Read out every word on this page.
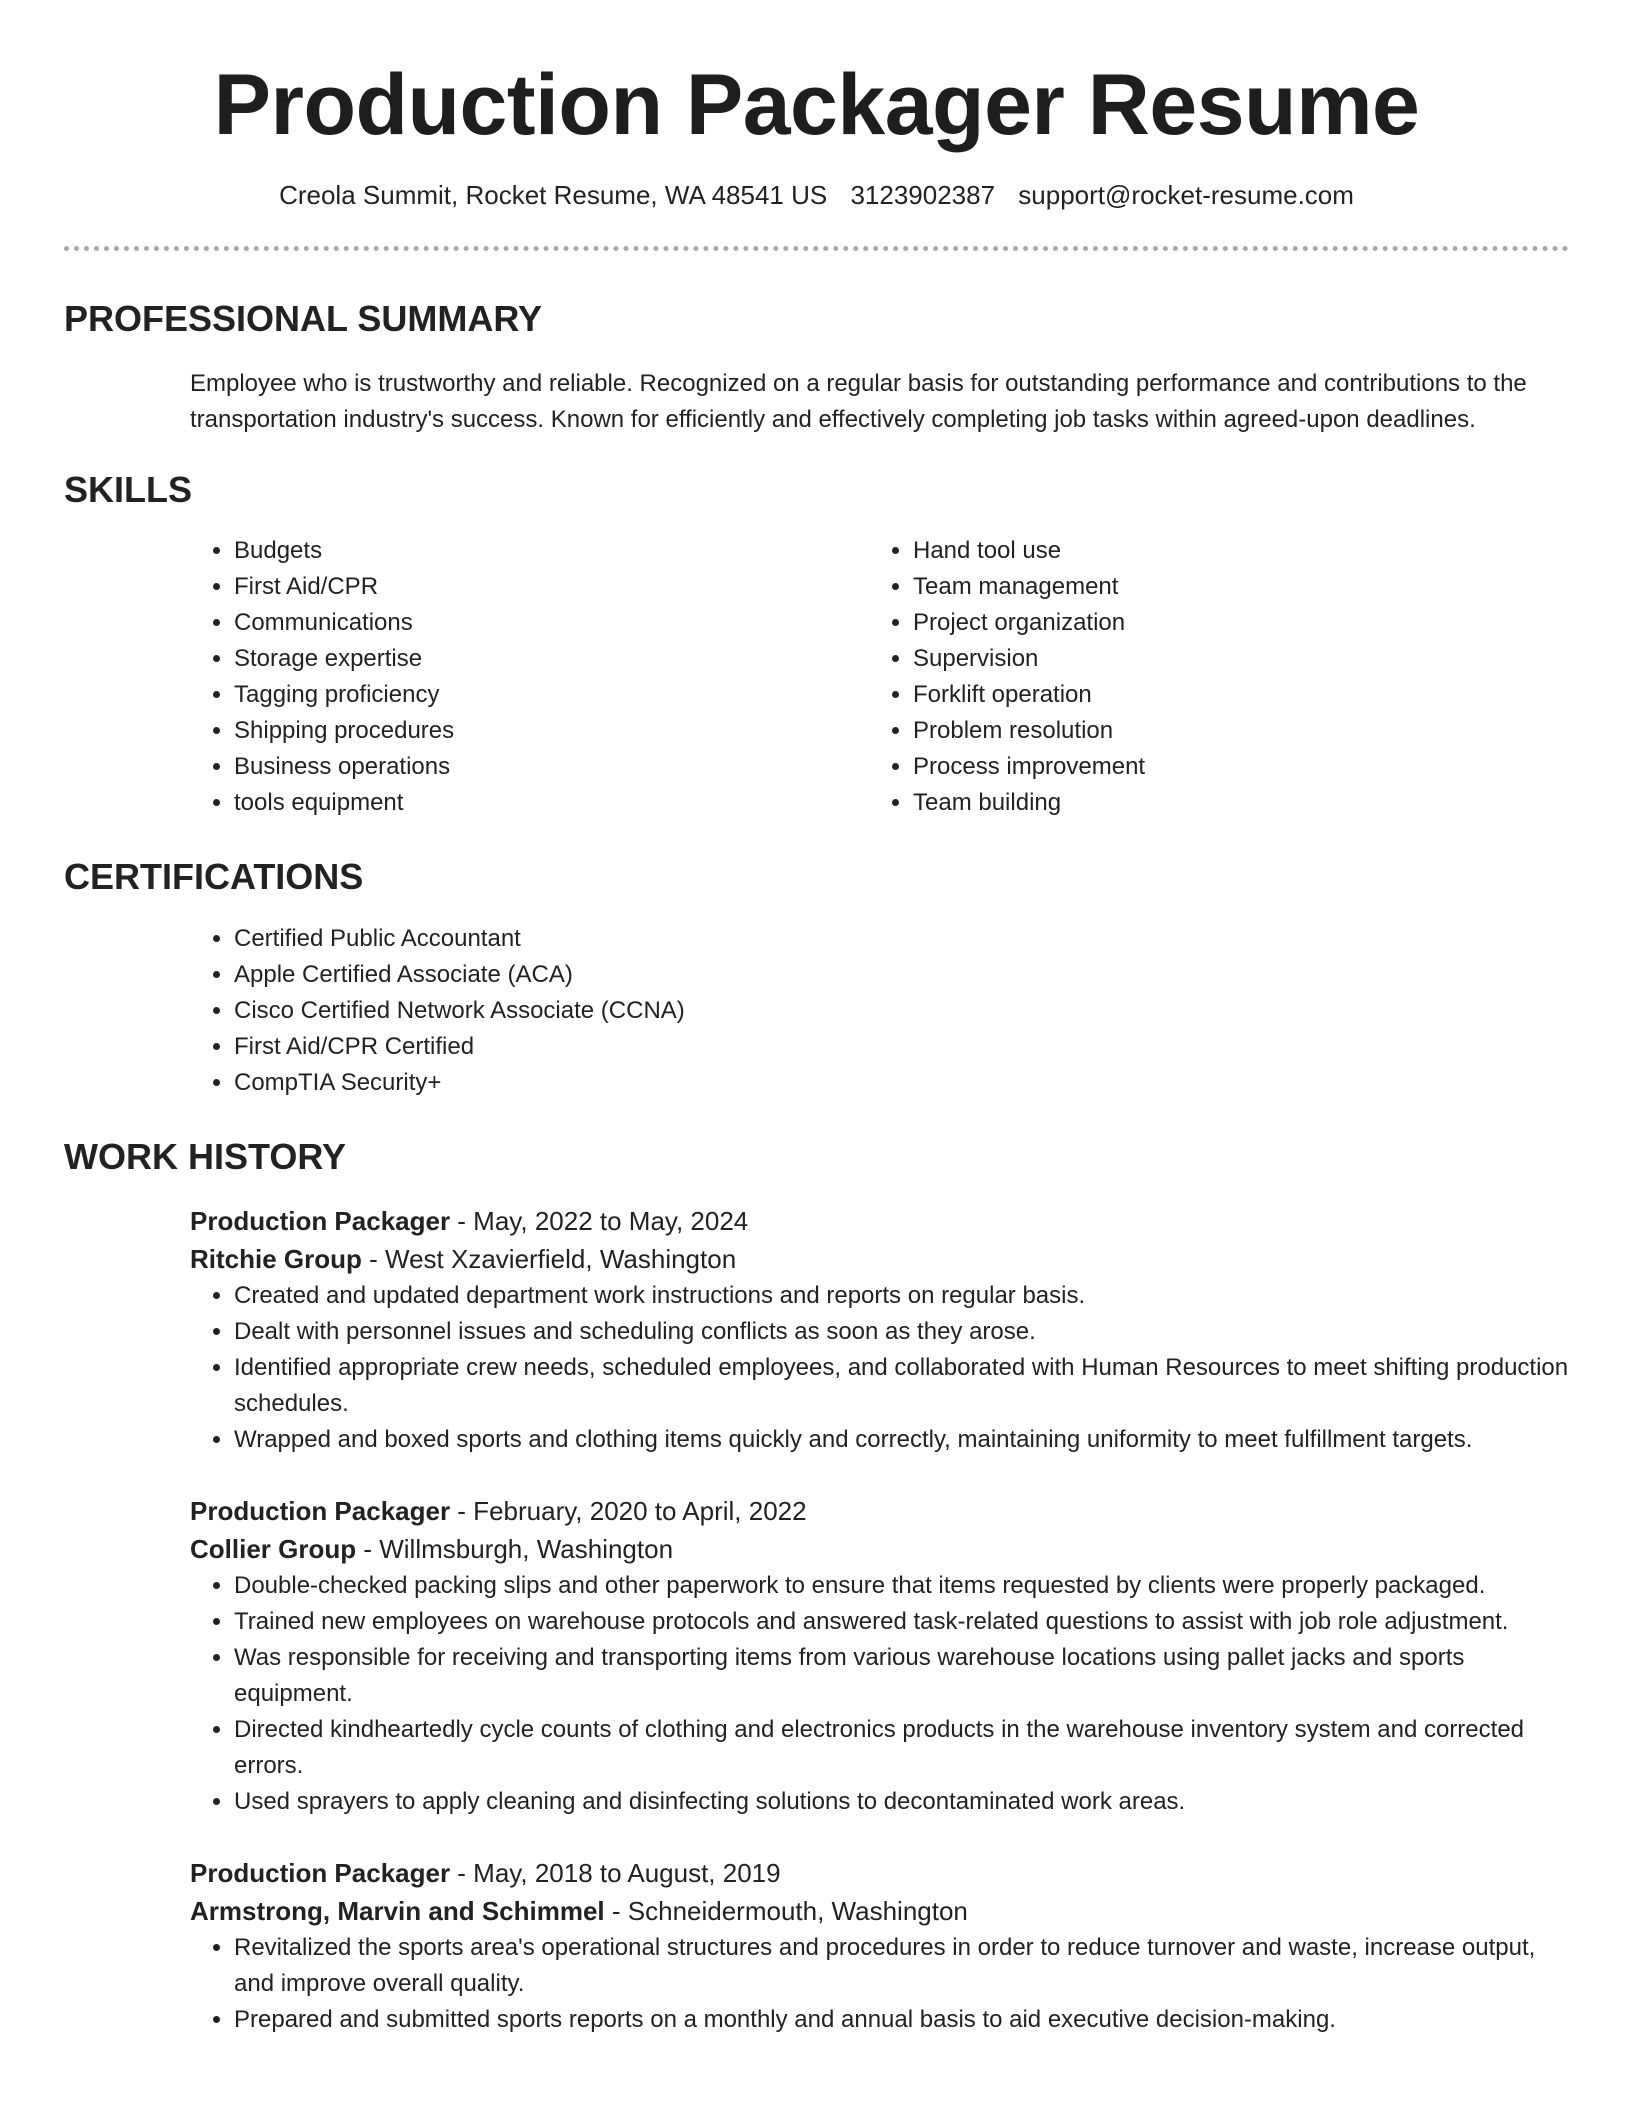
Production Packager Resume
Creola Summit, Rocket Resume, WA 48541 US 3123902387 support@rocket-resume.com
PROFESSIONAL SUMMARY

Employee who is trustworthy and reliable. Recognized on a regular basis for outstanding performance and contributions to the transportation industry's success. Known for efficiently and effectively completing job tasks within agreed-upon deadlines.

SKILLS
• Budgets
• First Aid/CPR
• Communications
• Storage expertise
• Tagging proficiency
• Shipping procedures
• Business operations
• tools equipment
• Hand tool use
• Team management
• Project organization
• Supervision
• Forklift operation
• Problem resolution
• Process improvement
• Team building
CERTIFICATIONS
• Certified Public Accountant
• Apple Certified Associate (ACA)
• Cisco Certified Network Associate (CCNA)
• First Aid/CPR Certified
• CompTIA Security+
WORK HISTORY
Production Packager - May, 2022 to May, 2024
Ritchie Group - West Xzavierfield, Washington
• Created and updated department work instructions and reports on regular basis.
• Dealt with personnel issues and scheduling conflicts as soon as they arose.
• Identified appropriate crew needs, scheduled employees, and collaborated with Human Resources to meet shifting production schedules.
• Wrapped and boxed sports and clothing items quickly and correctly, maintaining uniformity to meet fulfillment targets.
Production Packager - February, 2020 to April, 2022
Collier Group - Willmsburgh, Washington
• Double-checked packing slips and other paperwork to ensure that items requested by clients were properly packaged.
• Trained new employees on warehouse protocols and answered task-related questions to assist with job role adjustment.
• Was responsible for receiving and transporting items from various warehouse locations using pallet jacks and sports equipment.
• Directed kindheartedly cycle counts of clothing and electronics products in the warehouse inventory system and corrected errors.
• Used sprayers to apply cleaning and disinfecting solutions to decontaminated work areas.
Production Packager - May, 2018 to August, 2019
Armstrong, Marvin and Schimmel - Schneidermouth, Washington
• Revitalized the sports area's operational structures and procedures in order to reduce turnover and waste, increase output, and improve overall quality.
• Prepared and submitted sports reports on a monthly and annual basis to aid executive decision-making.
